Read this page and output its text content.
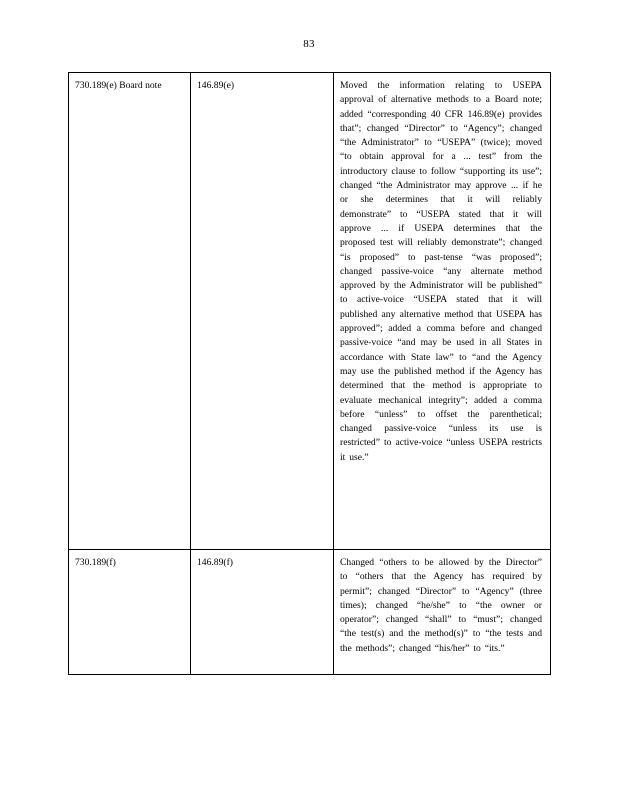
83
730.189(e) Board note	146.89(e)	Moved the information relating to USEPA approval of alternative methods to a Board note; added “corresponding 40 CFR 146.89(e) provides that”; changed “Director” to “Agency”; changed “the Administrator” to “USEPA” (twice); moved “to obtain approval for a ... test” from the introductory clause to follow “supporting its use”; changed “the Administrator may approve ... if he or she determines that it will reliably demonstrate” to “USEPA stated that it will approve ... if USEPA determines that the proposed test will reliably demonstrate”; changed “is proposed” to past-tense “was proposed”; changed passive-voice “any alternate method approved by the Administrator will be published” to active-voice “USEPA stated that it will published any alternative method that USEPA has approved”; added a comma before and changed passive-voice “and may be used in all States in accordance with State law” to “and the Agency may use the published method if the Agency has determined that the method is appropriate to evaluate mechanical integrity”; added a comma before “unless” to offset the parenthetical; changed passive-voice “unless its use is restricted” to active-voice “unless USEPA restricts it use.”
730.189(f)	146.89(f)	Changed “others to be allowed by the Director” to “others that the Agency has required by permit”; changed “Director” to “Agency” (three times); changed “he/she” to “the owner or operator”; changed “shall” to “must”; changed “the test(s) and the method(s)” to “the tests and the methods”; changed “his/her” to “its.”
